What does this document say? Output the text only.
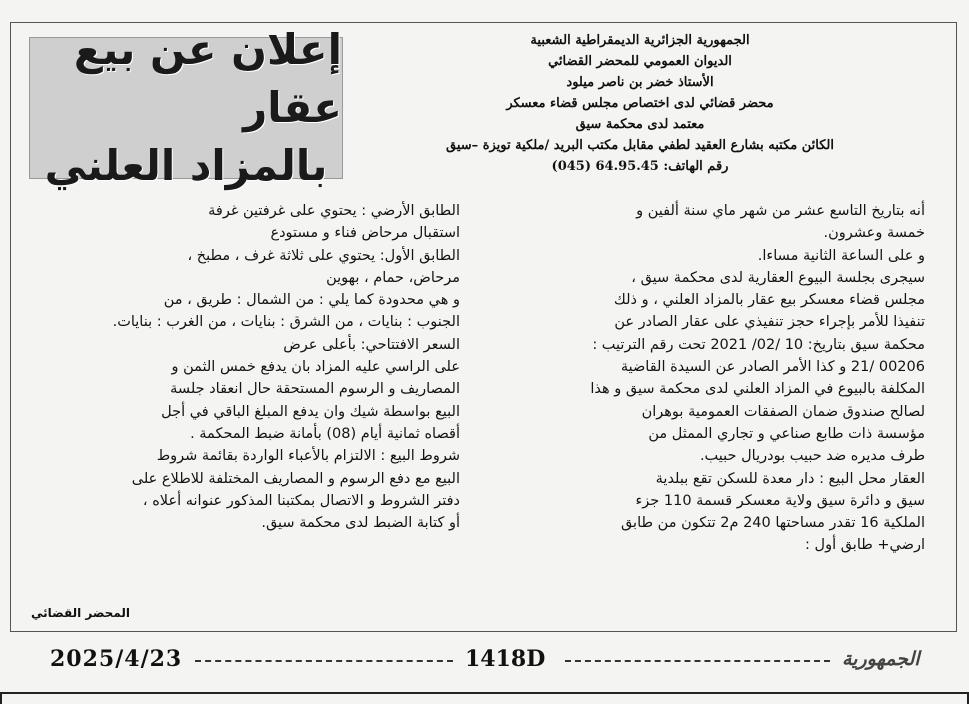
إعلان عن بيع عقار
بالمزاد العلني
الجمهورية الجزائرية الديمقراطية الشعبية
الديوان العمومي للمحضر القضائي
الأستاذ خضر بن ناصر ميلود
محضر قضائي لدى اختصاص مجلس قضاء معسكر
معتمد لدى محكمة سيق
الكائن مكتبه بشارع العقيد لطفي مقابل مكتب البريد /ملكية تويزة –سيق
رقم الهاتف: 64.95.45 (045)

أنه بتاريخ التاسع عشر من شهر ماي سنة ألفين و

خمسة وعشرون.

و على الساعة الثانية مساءا.

سيجرى بجلسة البيوع العقارية لدى محكمة سيق ،

مجلس قضاء معسكر بيع عقار بالمزاد العلني ، و ذلك

تنفيذا للأمر بإجراء حجز تنفيذي على عقار الصادر عن

محكمة سيق بتاريخ: 10 /02/ 2021 تحت رقم الترتيب :

00206 /21 و كذا الأمر الصادر عن السيدة القاضية

المكلفة بالبيوع في المزاد العلني لدى محكمة سيق و هذا

لصالح صندوق ضمان الصفقات العمومية بوهران

مؤسسة ذات طابع صناعي و تجاري الممثل من

طرف مديره ضد حبيب بودريال حبيب.

العقار محل البيع : دار معدة للسكن تقع ببلدية

سيق و دائرة سيق ولاية معسكر قسمة 110 جزء

الملكية 16 تقدر مساحتها 240 م2 تتكون من طابق

ارضي+ طابق أول :

الطابق الأرضي : يحتوي على غرفتين غرفة

استقبال مرحاض فناء و مستودع

الطابق الأول: يحتوي على ثلاثة غرف ، مطبخ ،

مرحاض، حمام ، بهوين

و هي محدودة كما يلي : من الشمال : طريق ، من

الجنوب : بنايات ، من الشرق : بنايات ، من الغرب : بنايات.

السعر الافتتاحي: بأعلى عرض

على الراسي عليه المزاد بان يدفع خمس الثمن و

المصاريف و الرسوم المستحقة حال انعقاد جلسة

البيع بواسطة شيك وان يدفع المبلغ الباقي في أجل

أقصاه ثمانية أيام (08) بأمانة ضبط المحكمة .

شروط البيع : الالتزام بالأعباء الواردة بقائمة شروط

البيع مع دفع الرسوم و المصاريف المختلفة للاطلاع على

دفتر الشروط و الاتصال بمكتبنا المذكور عنوانه أعلاه ،

أو كتابة الضبط لدى محكمة سيق.

المحضر القضائي
2025/4/23	1418D	الجمهورية
